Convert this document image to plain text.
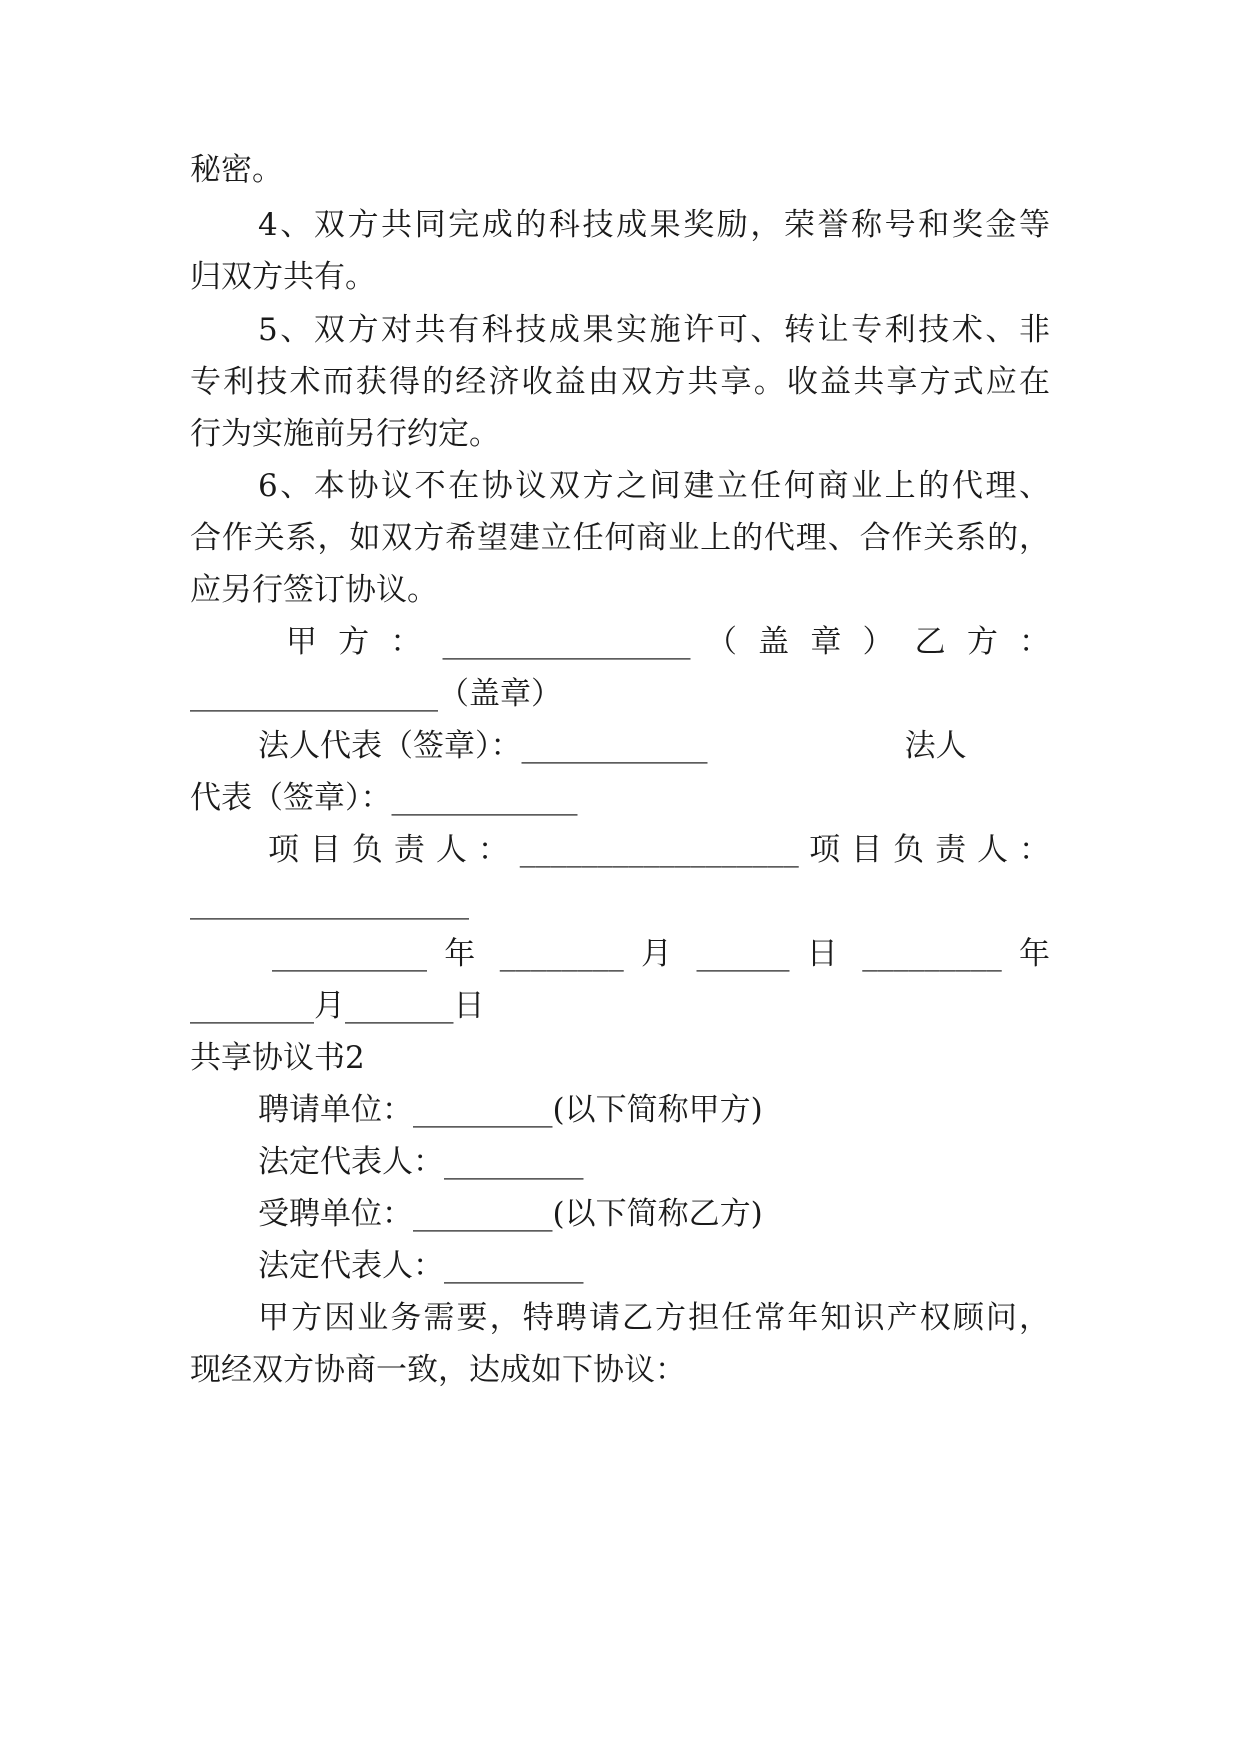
秘密。
4、双方共同完成的科技成果奖励，荣誉称号和奖金等
归双方共有。
5、双方对共有科技成果实施许可、转让专利技术、非
专利技术而获得的经济收益由双方共享。收益共享方式应在
行为实施前另行约定。
6、本协议不在协议双方之间建立任何商业上的代理、
合作关系，如双方希望建立任何商业上的代理、合作关系的，
应另行签订协议。
甲 方 ： ________________ （ 盖 章 ） 乙 方 ：
________________（盖章）
法人代表（签章）：____________                    法人
代表（签章）：____________
项 目 负 责 人 ： __________________ 项 目 负 责 人 ：
__________________
__________ 年 ________ 月 ______ 日 _________ 年
________月_______日
共享协议书2
聘请单位：_________(以下简称甲方)
法定代表人：_________
受聘单位：_________(以下简称乙方)
法定代表人：_________
甲方因业务需要，特聘请乙方担任常年知识产权顾问，
现经双方协商一致，达成如下协议：
